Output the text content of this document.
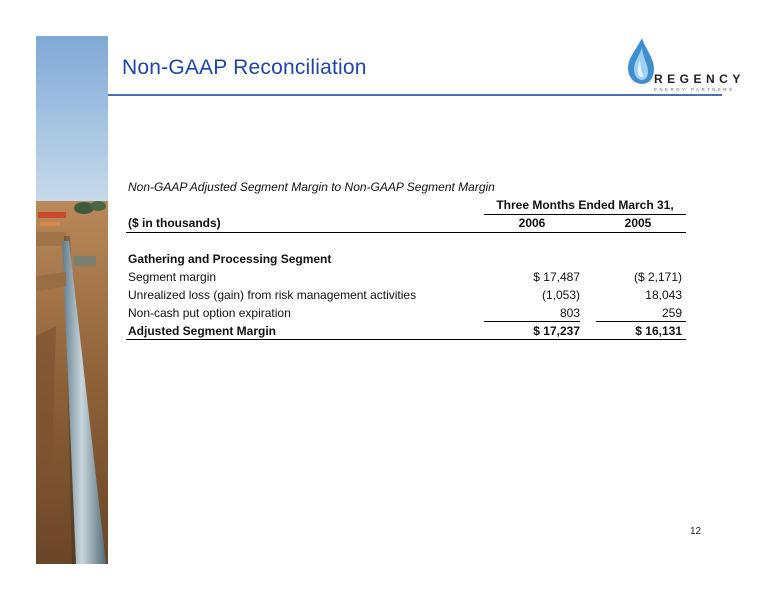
Non-GAAP Reconciliation	REGENCY
ENERGY PARTNERS
Non-GAAP Adjusted Segment Margin to Non-GAAP Segment Margin
Three Months Ended March 31,
($ in thousands)	2006	2005
Gathering and Processing Segment
Segment margin	$ 17,487	($ 2,171)
Unrealized loss (gain) from risk management activities	(1,053)	18,043
Non-cash put option expiration	803	259
Adjusted Segment Margin	$ 17,237	$ 16,131
12
